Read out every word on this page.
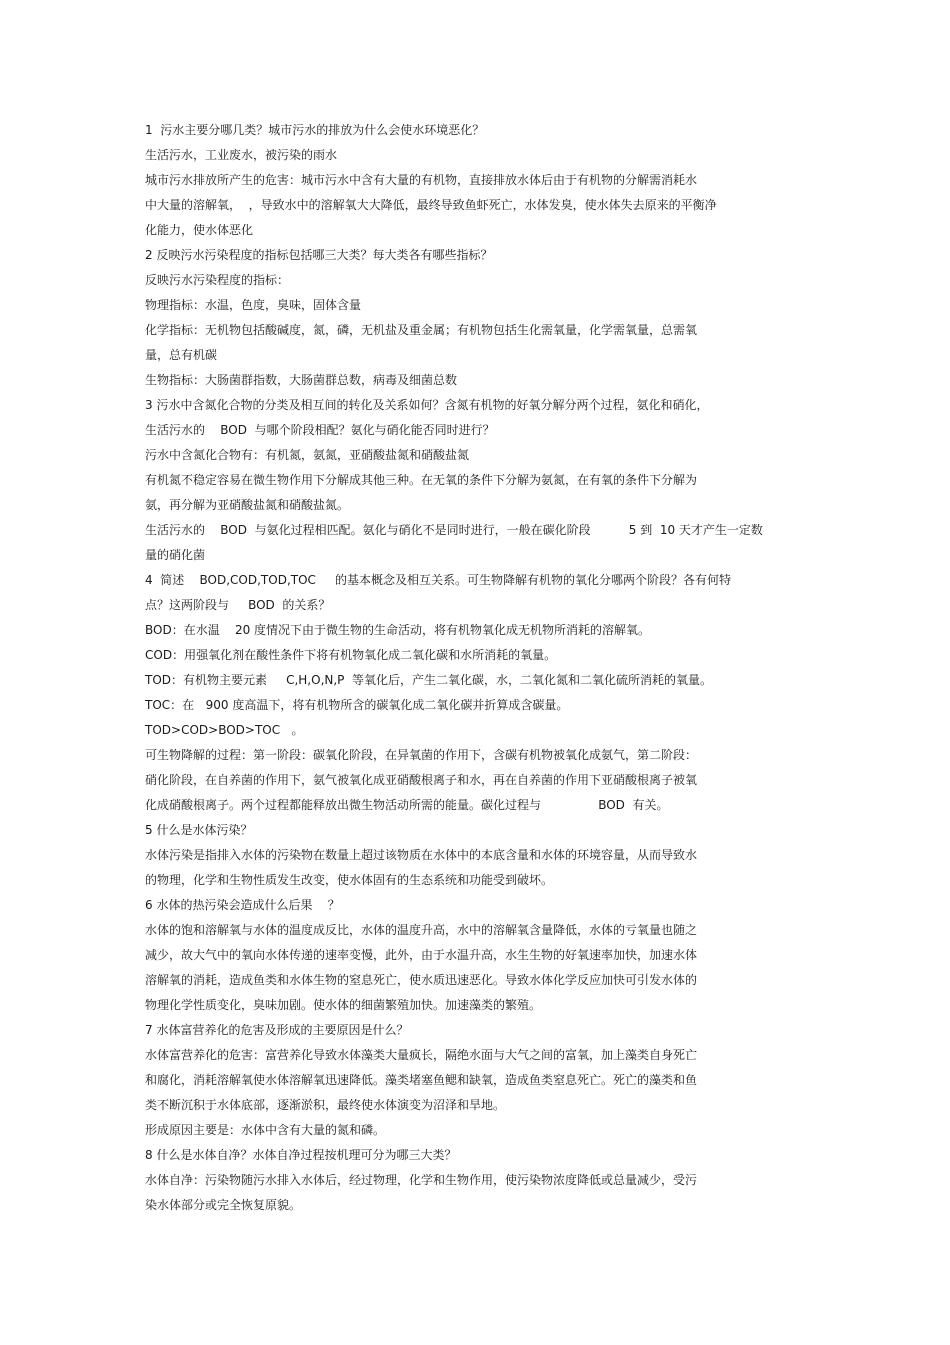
1  污水主要分哪几类？城市污水的排放为什么会使水环境恶化？
生活污水，工业废水，被污染的雨水
城市污水排放所产生的危害：城市污水中含有大量的有机物，直接排放水体后由于有机物的分解需消耗水
中大量的溶解氧，  ，导致水中的溶解氧大大降低，最终导致鱼虾死亡，水体发臭，使水体失去原来的平衡净
化能力，使水体恶化
2 反映污水污染程度的指标包括哪三大类？每大类各有哪些指标？
反映污水污染程度的指标：
物理指标：水温，色度，臭味，固体含量
化学指标：无机物包括酸碱度，氮，磷，无机盐及重金属；有机物包括生化需氧量，化学需氧量，总需氧
量，总有机碳
生物指标：大肠菌群指数，大肠菌群总数，病毒及细菌总数
3 污水中含氮化合物的分类及相互间的转化及关系如何？含氮有机物的好氧分解分两个过程，氨化和硝化，
生活污水的    BOD  与哪个阶段相配？氨化与硝化能否同时进行？
污水中含氮化合物有：有机氮，氨氮，亚硝酸盐氮和硝酸盐氮
有机氮不稳定容易在微生物作用下分解成其他三种。在无氧的条件下分解为氨氮，在有氧的条件下分解为
氨，再分解为亚硝酸盐氮和硝酸盐氮。
生活污水的    BOD  与氨化过程相匹配。氨化与硝化不是同时进行，一般在碳化阶段          5 到  10 天才产生一定数
量的硝化菌
4  简述    BOD,COD,TOD,TOC     的基本概念及相互关系。可生物降解有机物的氧化分哪两个阶段？各有何特
点？这两阶段与     BOD  的关系？
BOD：在水温    20 度情况下由于微生物的生命活动，将有机物氧化成无机物所消耗的溶解氧。
COD：用强氧化剂在酸性条件下将有机物氧化成二氧化碳和水所消耗的氧量。
TOD：有机物主要元素     C,H,O,N,P  等氧化后，产生二氧化碳，水，二氧化氮和二氧化硫所消耗的氧量。
TOC：在   900 度高温下，将有机物所含的碳氧化成二氧化碳并折算成含碳量。
TOD>COD>BOD>TOC   。
可生物降解的过程：第一阶段：碳氧化阶段，在异氧菌的作用下，含碳有机物被氧化成氨气，第二阶段：
硝化阶段，在自养菌的作用下，氨气被氧化成亚硝酸根离子和水，再在自养菌的作用下亚硝酸根离子被氧
化成硝酸根离子。两个过程都能释放出微生物活动所需的能量。碳化过程与               BOD  有关。
5 什么是水体污染？
水体污染是指排入水体的污染物在数量上超过该物质在水体中的本底含量和水体的环境容量，从而导致水
的物理，化学和生物性质发生改变，使水体固有的生态系统和功能受到破坏。
6 水体的热污染会造成什么后果    ？
水体的饱和溶解氧与水体的温度成反比，水体的温度升高，水中的溶解氧含量降低，水体的亏氧量也随之
减少，故大气中的氧向水体传递的速率变慢，此外，由于水温升高，水生生物的好氧速率加快，加速水体
溶解氧的消耗，造成鱼类和水体生物的窒息死亡，使水质迅速恶化。导致水体化学反应加快可引发水体的
物理化学性质变化，臭味加剧。使水体的细菌繁殖加快。加速藻类的繁殖。
7 水体富营养化的危害及形成的主要原因是什么？
水体富营养化的危害：富营养化导致水体藻类大量疯长，隔绝水面与大气之间的富氧，加上藻类自身死亡
和腐化，消耗溶解氧使水体溶解氧迅速降低。藻类堵塞鱼鳃和缺氧，造成鱼类窒息死亡。死亡的藻类和鱼
类不断沉积于水体底部，逐渐淤积，最终使水体演变为沼泽和旱地。
形成原因主要是：水体中含有大量的氮和磷。
8 什么是水体自净？水体自净过程按机理可分为哪三大类？
水体自净：污染物随污水排入水体后，经过物理，化学和生物作用，使污染物浓度降低或总量减少，受污
染水体部分或完全恢复原貌。
